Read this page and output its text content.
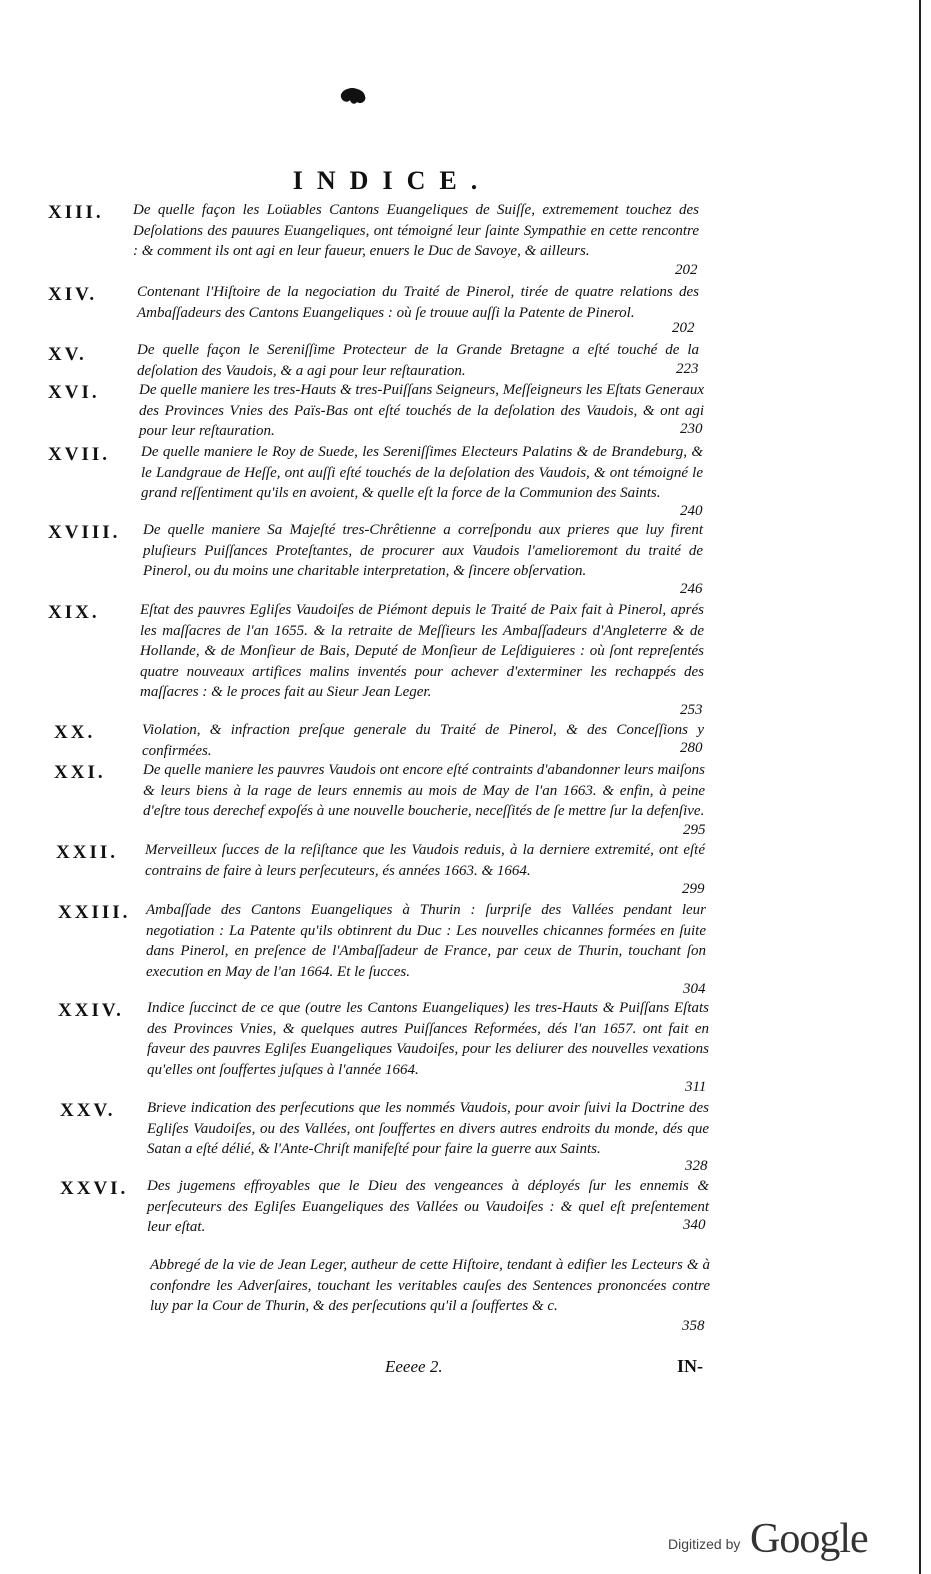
INDICE.
XIII. De quelle façon les Loüables Cantons Euangeliques de Suiſſe, extremement touchez des Deſolations des pauures Euangeliques, ont témoigné leur ſainte Sympathie en cette rencontre : & comment ils ont agi en leur faueur, enuers le Duc de Savoye, & ailleurs.
202
XIV.	Contenant l'Hiſtoire de la negociation du Traité de Pinerol, tirée de quatre relations des Ambaſſadeurs des Cantons Euangeliques : où ſe trouue auſſi la Patente de Pinerol.
202
XV.	De quelle façon le Sereniſſime Protecteur de la Grande Bretagne a eſté touché de la deſolation des Vaudois, & a agi pour leur reſtauration.	223
XVI.	De quelle maniere les tres-Hauts & tres-Puiſſans Seigneurs, Meſſeigneurs les Eſtats Generaux des Provinces Vnies des Païs-Bas ont eſté touchés de la deſolation des Vaudois, & ont agi pour leur reſtauration.	230
XVII. De quelle maniere le Roy de Suede, les Sereniſſimes Electeurs Palatins & de Brandeburg, & le Landgraue de Heſſe, ont auſſi eſté touchés de la deſolation des Vaudois, & ont témoigné le grand reſſentiment qu'ils en avoient, & quelle eſt la force de la Communion des Saints.
240
XVIII. De quelle maniere Sa Majeſté tres-Chrêtienne a correſpondu aux prieres que luy firent pluſieurs Puiſſances Proteſtantes, de procurer aux Vaudois l'amelioremont du traité de Pinerol, ou du moins une charitable interpretation, & ſincere obſervation.
246
XIX.	Eſtat des pauvres Egliſes Vaudoiſes de Piémont depuis le Traité de Paix fait à Pinerol, aprés les maſſacres de l'an 1655. & la retraite de Meſſieurs les Ambaſſadeurs d'Angleterre & de Hollande, & de Monſieur de Bais, Deputé de Monſieur de Leſdiguieres : où ſont repreſentés quatre nouveaux artifices malins inventés pour achever d'exterminer les rechappés des maſſacres : & le proces fait au Sieur Jean Leger.
253
XX.	Violation, & infraction preſque generale du Traité de Pinerol, & des Conceſſions y confirmées.	280
XXI. De quelle maniere les pauvres Vaudois ont encore eſté contraints d'abandonner leurs maiſons & leurs biens à la rage de leurs ennemis au mois de May de l'an 1663. & enfin, à peine d'eſtre tous derechef expoſés à une nouvelle boucherie, neceſſités de ſe mettre ſur la defenſive.
295
XXII. Merveilleux ſucces de la reſiſtance que les Vaudois reduis, à la derniere extremité, ont eſté contrains de faire à leurs perſecuteurs, és années 1663. & 1664.
299
XXIII. Ambaſſade des Cantons Euangeliques à Thurin : ſurpriſe des Vallées pendant leur negotiation : La Patente qu'ils obtinrent du Duc : Les nouvelles chicannes formées en ſuite dans Pinerol, en preſence de l'Ambaſſadeur de France, par ceux de Thurin, touchant ſon execution en May de l'an 1664. Et le ſucces.
304
XXIV. Indice ſuccinct de ce que (outre les Cantons Euangeliques) les tres-Hauts & Puiſſans Eſtats des Provinces Vnies, & quelques autres Puiſſances Reformées, dés l'an 1657. ont fait en faveur des pauvres Egliſes Euangeliques Vaudoiſes, pour les deliurer des nouvelles vexations qu'elles ont ſouffertes juſques à l'année 1664.
311
XXV. Brieve indication des perſecutions que les nommés Vaudois, pour avoir ſuivi la Doctrine des Egliſes Vaudoiſes, ou des Vallées, ont ſouffertes en divers autres endroits du monde, dés que Satan a eſté délié, & l'Ante-Chriſt manifeſté pour faire la guerre aux Saints.
328
XXVI. Des jugemens effroyables que le Dieu des vengeances à déployés ſur les ennemis & perſecuteurs des Egliſes Euangeliques des Vallées ou Vaudoiſes : & quel eſt preſentement leur eſtat.	340
Abbregé de la vie de Jean Leger, autheur de cette Hiſtoire, tendant à edifier les Lecteurs & à confondre les Adverſaires, touchant les veritables cauſes des Sentences prononcées contre luy par la Cour de Thurin, & des perſecutions qu'il a ſouffertes & c.
358
Eeeee 2.	IN-
Digitized by Google
